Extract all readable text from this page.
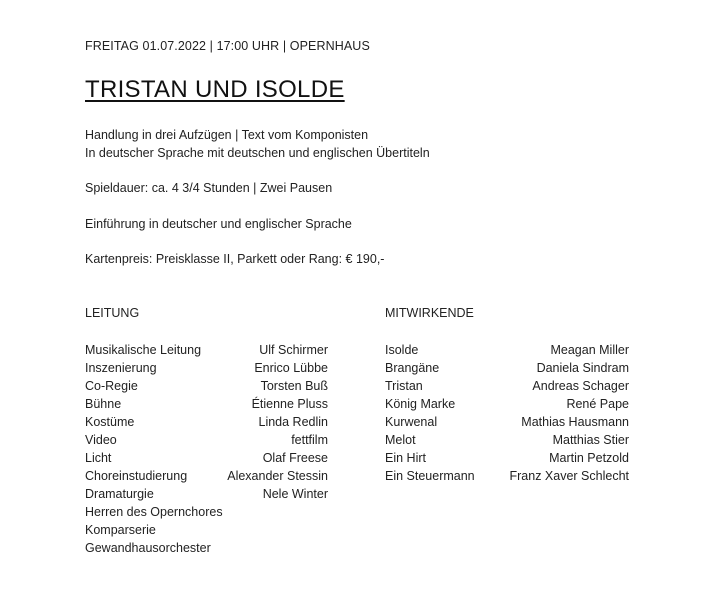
FREITAG 01.07.2022 | 17:00 UHR | OPERNHAUS
TRISTAN UND ISOLDE

Handlung in drei Aufzügen | Text vom Komponisten

In deutscher Sprache mit deutschen und englischen Übertiteln

Spieldauer: ca. 4 3/4 Stunden | Zwei Pausen

Einführung in deutscher und englischer Sprache

Kartenpreis: Preisklasse II, Parkett oder Rang: € 190,-

LEITUNG
Musikalische Leitung	Ulf Schirmer
Inszenierung	Enrico Lübbe
Co-Regie	Torsten Buß
Bühne	Étienne Pluss
Kostüme	Linda Redlin
Video	fettfilm
Licht	Olaf Freese
Choreinstudierung	Alexander Stessin
Dramaturgie	Nele Winter
Herren des Opernchores
Komparserie
Gewandhausorchester
MITWIRKENDE
Isolde	Meagan Miller
Brangäne	Daniela Sindram
Tristan	Andreas Schager
König Marke	René Pape
Kurwenal	Mathias Hausmann
Melot	Matthias Stier
Ein Hirt	Martin Petzold
Ein Steuermann	Franz Xaver Schlecht
